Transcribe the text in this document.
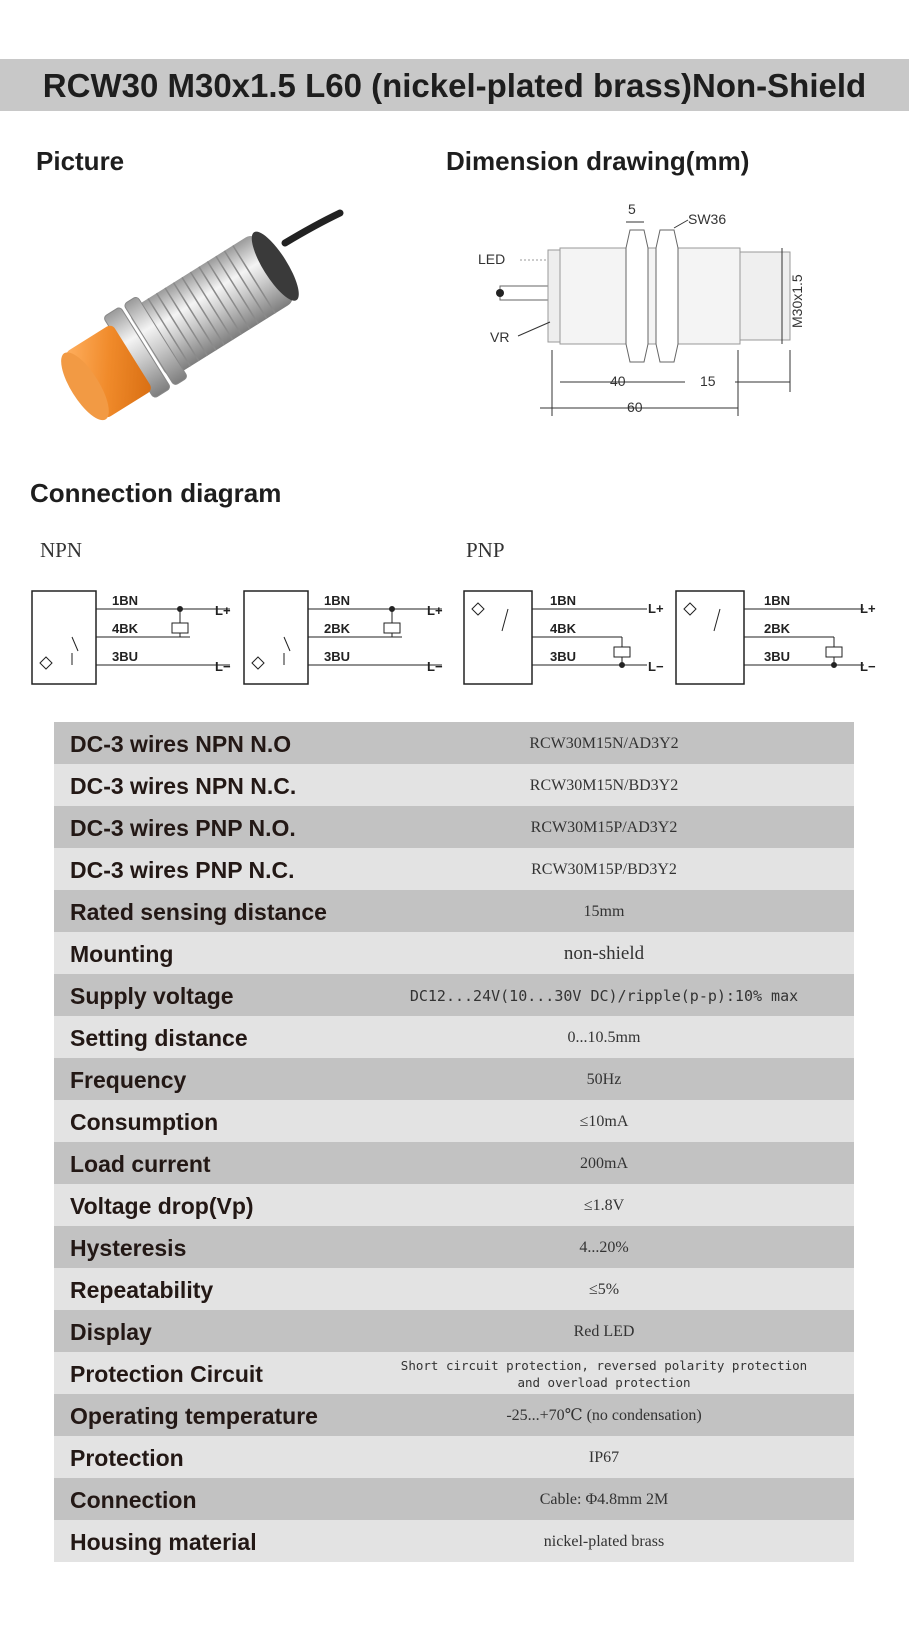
RCW30 M30x1.5 L60 (nickel-plated brass)Non-Shield
Picture	Dimension drawing(mm)
5
SW36
LED
VR
M30x1.5
40	15
60
Connection diagram
NPN	PNP
1BN
4BK
3BU
L+
L−
1BN
2BK
3BU
L+
L−
1BN
4BK
3BU
L+
L−
1BN
2BK
3BU
L+
L−
DC-3 wires NPN N.O	RCW30M15N/AD3Y2
DC-3 wires NPN N.C.	RCW30M15N/BD3Y2
DC-3 wires PNP N.O.	RCW30M15P/AD3Y2
DC-3 wires PNP N.C.	RCW30M15P/BD3Y2
Rated sensing distance	15mm
Mounting	non-shield
Supply voltage	DC12...24V(10...30V DC)/ripple(p-p):10% max
Setting distance	0...10.5mm
Frequency	50Hz
Consumption	≤10mA
Load current	200mA
Voltage drop(Vp)	≤1.8V
Hysteresis	4...20%
Repeatability	≤5%
Display	Red LED
Protection Circuit	Short circuit protection, reversed polarity protection
and overload protection
Operating temperature	-25...+70℃ (no condensation)
Protection	IP67
Connection	Cable: Φ4.8mm 2M
Housing material	nickel-plated brass
